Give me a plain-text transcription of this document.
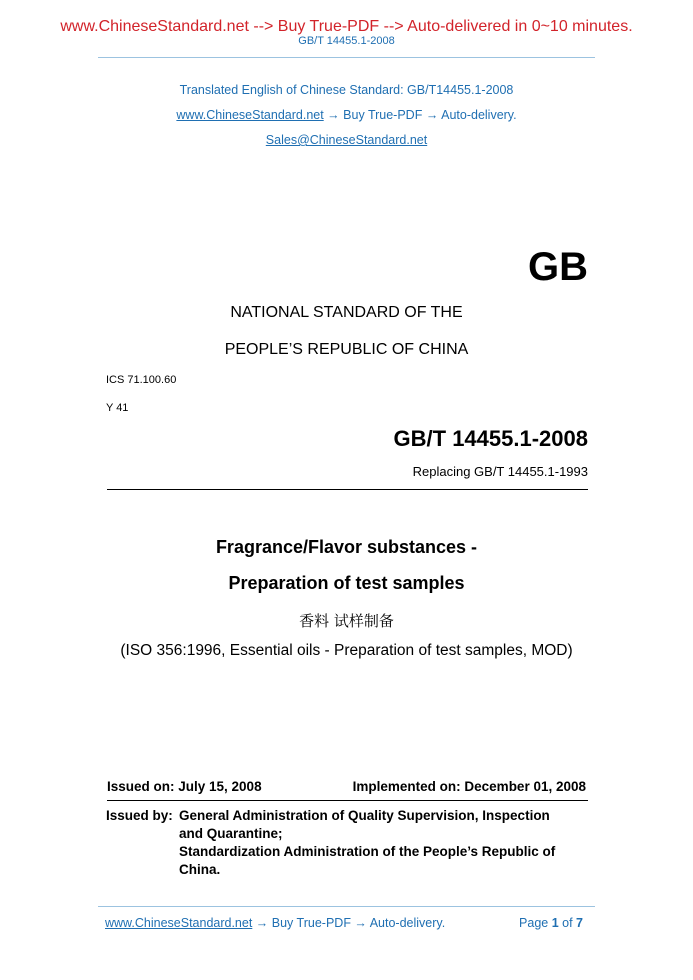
www.ChineseStandard.net --> Buy True-PDF --> Auto-delivered in 0~10 minutes.
GB/T 14455.1-2008
Translated English of Chinese Standard: GB/T14455.1-2008
www.ChineseStandard.net → Buy True-PDF → Auto-delivery.
Sales@ChineseStandard.net
GB
NATIONAL STANDARD OF THE
PEOPLE’S REPUBLIC OF CHINA
ICS 71.100.60
Y 41
GB/T 14455.1-2008
Replacing GB/T 14455.1-1993
Fragrance/Flavor substances -
Preparation of test samples
香料 试样制备
(ISO 356:1996, Essential oils - Preparation of test samples, MOD)
Issued on: July 15, 2008	Implemented on: December 01, 2008
Issued by: General Administration of Quality Supervision, Inspection
and Quarantine;
Standardization Administration of the People’s Republic of
China.
www.ChineseStandard.net → Buy True-PDF → Auto-delivery.	Page 1 of 7
